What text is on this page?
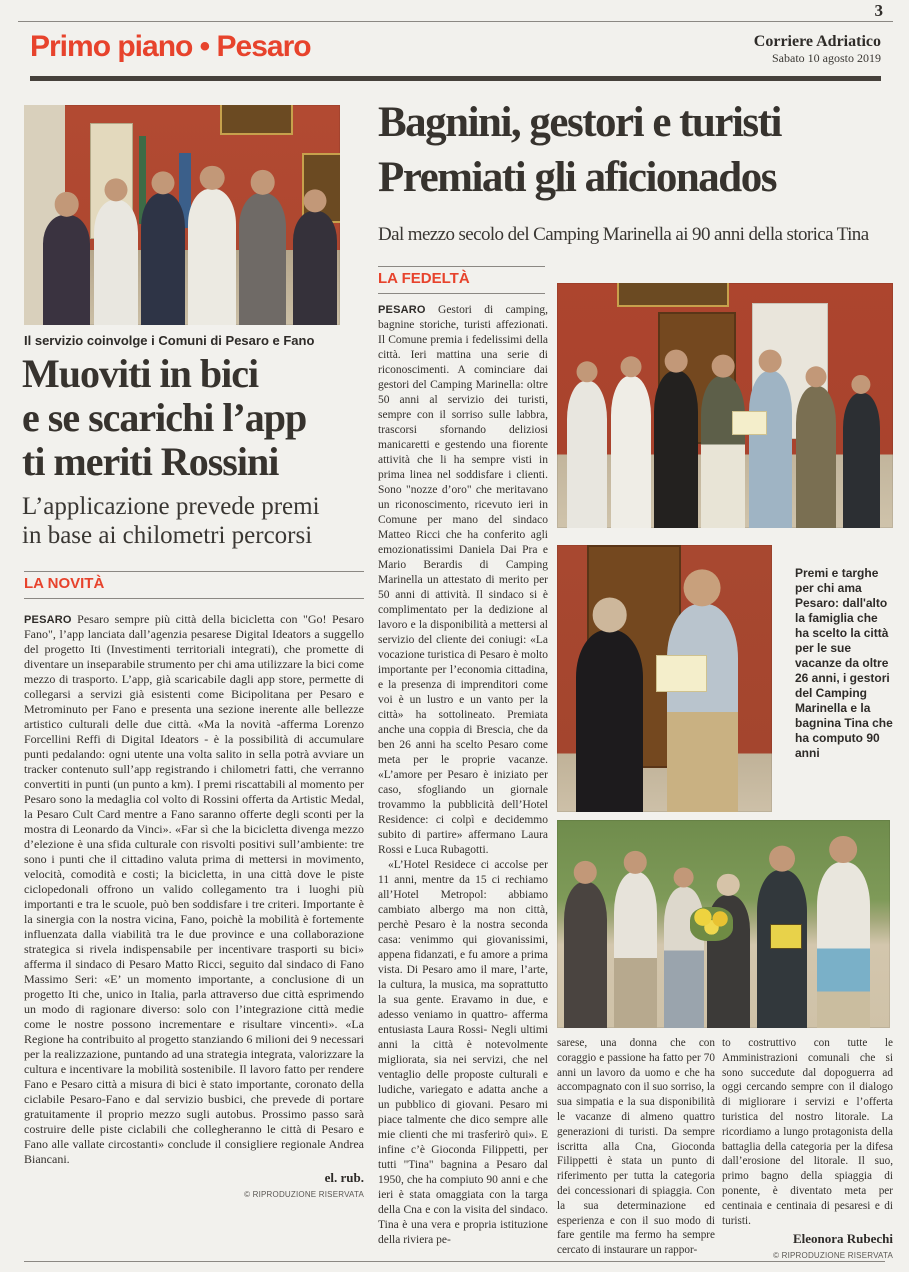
3
Primo piano • Pesaro	Corriere Adriatico
Sabato 10 agosto 2019
Il servizio coinvolge i Comuni di Pesaro e Fano
Muoviti in bici
e se scarichi l’app
ti meriti Rossini
L’applicazione prevede premi
in base ai chilometri percorsi
LA NOVITÀ

PESARO Pesaro sempre più città della bicicletta con "Go! Pesaro Fano", l’app lanciata dall’agenzia pesarese Digital Ideators a suggello del progetto Iti (Investimenti territoriali integrati), che promette di diventare un inseparabile strumento per chi ama utilizzare la bici come mezzo di trasporto. L’app, già scaricabile dagli app store, permette di collegarsi a servizi già esistenti come Bicipolitana per Pesaro e Metrominuto per Fano e presenta una sezione inerente alle bellezze artistico culturali delle due città. «Ma la novità -afferma Lorenzo Forcellini Reffi di Digital Ideators - è la possibilità di accumulare punti pedalando: ogni utente una volta salito in sella potrà avviare un tracker contenuto sull’app registrando i chilometri fatti, che verranno convertiti in punti (un punto a km). I premi riscattabili al momento per Pesaro sono la medaglia col volto di Rossini offerta da Artistic Medal, la Pesaro Cult Card mentre a Fano saranno offerte degli sconti per la mostra di Leonardo da Vinci». «Far sì che la bicicletta divenga mezzo d’elezione è una sfida culturale con risvolti positivi sull’ambiente: tre sono i punti che il cittadino valuta prima di mettersi in movimento, velocità, comodità e costi; la bicicletta, in una città dove le piste ciclopedonali offrono un valido collegamento tra i luoghi più importanti e tra le scuole, può ben soddisfare i tre criteri. Importante è la sinergia con la nostra vicina, Fano, poichè la mobilità è fortemente influenzata dalla viabilità tra le due province e una collaborazione strategica si rivela indispensabile per incentivare trasporti su bici» afferma il sindaco di Pesaro Matto Ricci, seguito dal sindaco di Fano Massimo Seri: «E’ un momento importante, a conclusione di un progetto Iti che, unico in Italia, parla attraverso due città esprimendo un modo di ragionare diverso: solo con l’integrazione città medie come le nostre possono incrementare e risultare vincenti». «La Regione ha contribuito al progetto stanziando 6 milioni dei 9 necessari per la realizzazione, puntando ad una strategia integrata, valorizzare la cultura e incentivare la mobilità sostenibile. Il lavoro fatto per rendere Fano e Pesaro città a misura di bici è stato importante, coronato della ciclabile Pesaro-Fano e dal servizio busbici, che prevede di portare gratuitamente il proprio mezzo sugli autobus. Prossimo passo sarà costruire delle piste ciclabili che collegheranno le città di Pesaro e Fano alle vallate circostanti» conclude il consigliere regionale Andrea Biancani.

el. rub.
© RIPRODUZIONE RISERVATA
Bagnini, gestori e turisti
Premiati gli aficionados
Dal mezzo secolo del Camping Marinella ai 90 anni della storica Tina
LA FEDELTÀ

PESARO Gestori di camping, bagnine storiche, turisti affezionati. Il Comune premia i fedelissimi della città. Ieri mattina una serie di riconoscimenti. A cominciare dai gestori del Camping Marinella: oltre 50 anni al servizio dei turisti, sempre con il sorriso sulle labbra, trascorsi sfornando deliziosi manicaretti e gestendo una fiorente attività che li ha sempre visti in prima linea nel soddisfare i clienti. Sono "nozze d’oro" che meritavano un riconoscimento, ricevuto ieri in Comune per mano del sindaco Matteo Ricci che ha conferito agli emozionatissimi Daniela Dai Pra e Mario Berardis di Camping Marinella un attestato di merito per 50 anni di attività. Il sindaco si è complimentato per la dedizione al lavoro e la disponibilità a mettersi al servizio del cliente dei coniugi: «La vocazione turistica di Pesaro è molto importante per l’economia cittadina, e la presenza di imprenditori come voi è un lustro e un vanto per la città» ha sottolineato. Premiata anche una coppia di Brescia, che da ben 26 anni ha scelto Pesaro come meta per le proprie vacanze. «L’amore per Pesaro è iniziato per caso, sfogliando un giornale trovammo la pubblicità dell’Hotel Residence: ci colpì e decidemmo subito di partire» affermano Laura Rossi e Luca Rubagotti.

«L’Hotel Residece ci accolse per 11 anni, mentre da 15 ci rechiamo all’Hotel Metropol: abbiamo cambiato albergo ma non città, perchè Pesaro è la nostra seconda casa: venimmo qui giovanissimi, appena fidanzati, e fu amore a prima vista. Di Pesaro amo il mare, l’arte, la cultura, la musica, ma soprattutto la sua gente. Eravamo in due, e adesso veniamo in quattro- afferma entusiasta Laura Rossi- Negli ultimi anni la città è notevolmente migliorata, sia nei servizi, che nel ventaglio delle proposte culturali e ludiche, variegato e adatta anche a un pubblico di giovani. Pesaro mi piace talmente che dico sempre alle mie clienti che mi trasferirò qui». E infine c’è Gioconda Filippetti, per tutti "Tina" bagnina a Pesaro dal 1950, che ha compiuto 90 anni e che ieri è stata omaggiata con la targa della Cna e con la visita del sindaco. Tina è una vera e propria istituzione della riviera pe-

Premi e targhe per chi ama Pesaro: dall'alto la famiglia che ha scelto la città per le sue vacanze da oltre 26 anni, i gestori del Camping Marinella e la bagnina Tina che ha computo 90 anni
sarese, una donna che con coraggio e passione ha fatto per 70 anni un lavoro da uomo e che ha accompagnato con il suo sorriso, la sua simpatia e la sua disponibilità le vacanze di almeno quattro generazioni di turisti. Da sempre iscritta alla Cna, Gioconda Filippetti è stata un punto di riferimento per tutta la categoria dei concessionari di spiaggia. Con la sua determinazione ed esperienza e con il suo modo di fare gentile ma fermo ha sempre cercato di instaurare un rappor-
to costruttivo con tutte le Amministrazioni comunali che si sono succedute dal dopoguerra ad oggi cercando sempre con il dialogo di migliorare i servizi e l’offerta turistica del nostro litorale. La ricordiamo a lungo protagonista della battaglia della categoria per la difesa dall’erosione del litorale. Il suo, primo bagno della spiaggia di ponente, è diventato meta per centinaia e centinaia di pesaresi e di turisti.
Eleonora Rubechi
© RIPRODUZIONE RISERVATA
